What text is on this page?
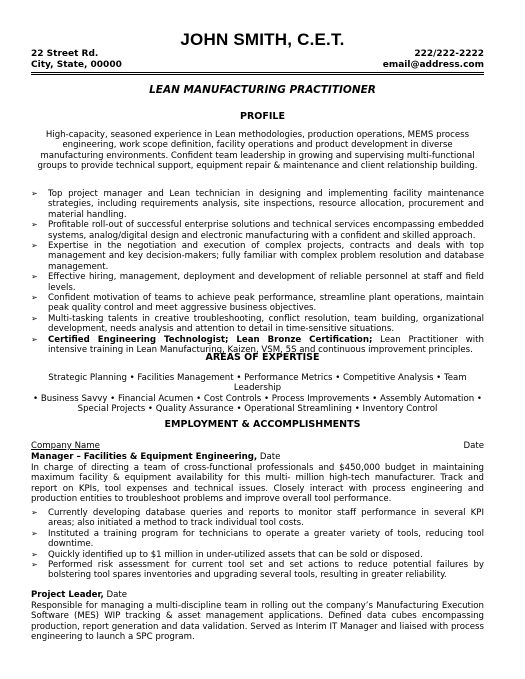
JOHN SMITH, C.E.T.
22 Street Rd.	222/222-2222
City, State, 00000	email@address.com
LEAN MANUFACTURING PRACTITIONER
PROFILE
High-capacity, seasoned experience in Lean methodologies, production operations, MEMS process engineering, work scope definition, facility operations and product development in diverse manufacturing environments. Confident team leadership in growing and supervising multi-functional groups to provide technical support, equipment repair & maintenance and client relationship building.
➢ Top project manager and Lean technician in designing and implementing facility maintenance strategies, including requirements analysis, site inspections, resource allocation, procurement and material handling.
➢ Profitable roll-out of successful enterprise solutions and technical services encompassing embedded systems, analog/digital design and electronic manufacturing with a confident and skilled approach.
➢ Expertise in the negotiation and execution of complex projects, contracts and deals with top management and key decision-makers; fully familiar with complex problem resolution and database management.
➢ Effective hiring, management, deployment and development of reliable personnel at staff and field levels.
➢ Confident motivation of teams to achieve peak performance, streamline plant operations, maintain peak quality control and meet aggressive business objectives.
➢ Multi-tasking talents in creative troubleshooting, conflict resolution, team building, organizational development, needs analysis and attention to detail in time-sensitive situations.
➢ Certified Engineering Technologist; Lean Bronze Certification; Lean Practitioner with intensive training in Lean Manufacturing, Kaizen, VSM, 5S and continuous improvement principles.
AREAS OF EXPERTISE
Strategic Planning • Facilities Management • Performance Metrics • Competitive Analysis • Team Leadership
• Business Savvy • Financial Acumen • Cost Controls • Process Improvements • Assembly Automation •
Special Projects • Quality Assurance • Operational Streamlining • Inventory Control
EMPLOYMENT & ACCOMPLISHMENTS
Company Name	Date
Manager – Facilities & Equipment Engineering, Date
In charge of directing a team of cross-functional professionals and $450,000 budget in maintaining maximum facility & equipment availability for this multi- million high-tech manufacturer. Track and report on KPIs, tool expenses and technical issues. Closely interact with process engineering and production entities to troubleshoot problems and improve overall tool performance.
➢ Currently developing database queries and reports to monitor staff performance in several KPI areas; also initiated a method to track individual tool costs.
➢ Instituted a training program for technicians to operate a greater variety of tools, reducing tool downtime.
➢ Quickly identified up to $1 million in under-utilized assets that can be sold or disposed.
➢ Performed risk assessment for current tool set and set actions to reduce potential failures by bolstering tool spares inventories and upgrading several tools, resulting in greater reliability.
Project Leader, Date
Responsible for managing a multi-discipline team in rolling out the company’s Manufacturing Execution Software (MES) WIP tracking & asset management applications. Defined data cubes encompassing production, report generation and data validation. Served as Interim IT Manager and liaised with process engineering to launch a SPC program.
